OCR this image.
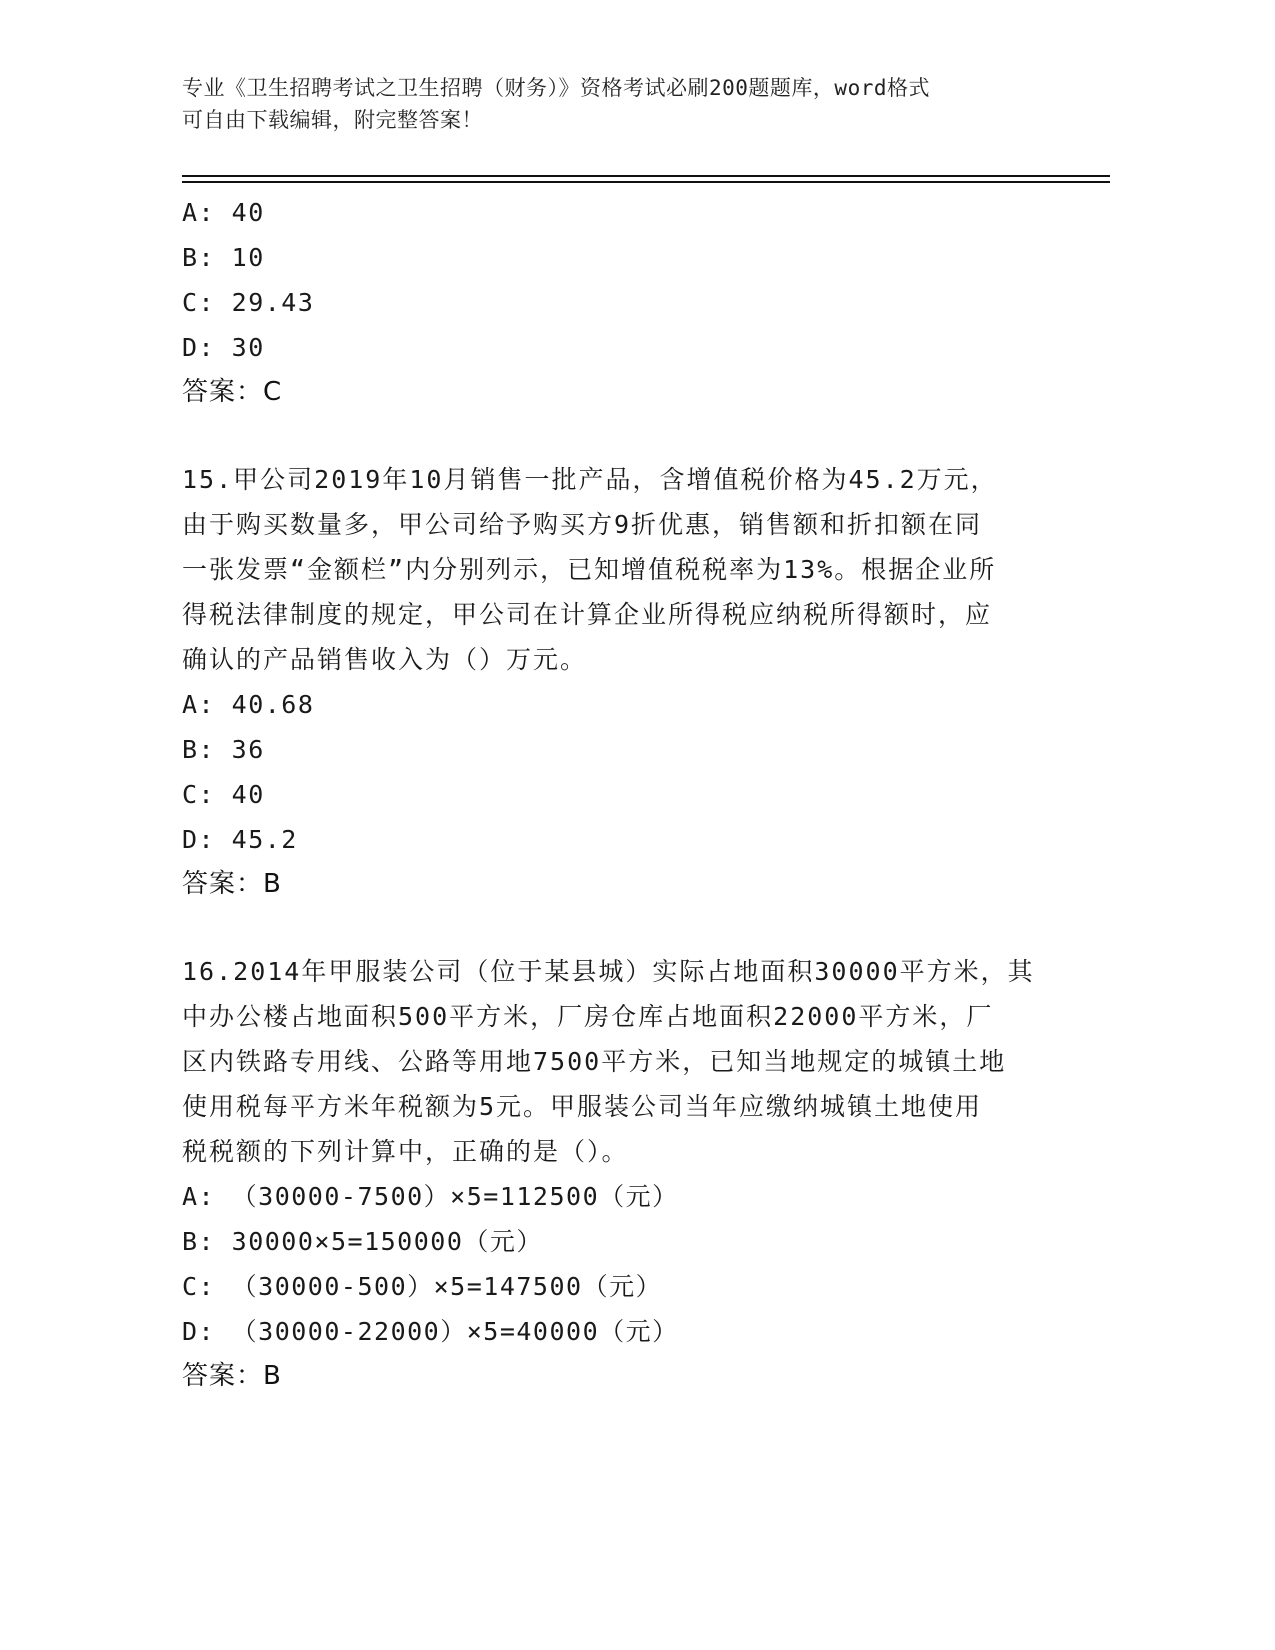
专业《卫生招聘考试之卫生招聘（财务）》资格考试必刷200题题库，word格式
可自由下载编辑，附完整答案！
A: 40
B: 10
C: 29.43
D: 30
答案：C
15.甲公司2019年10月销售一批产品，含增值税价格为45.2万元，
由于购买数量多，甲公司给予购买方9折优惠，销售额和折扣额在同
一张发票“金额栏”内分别列示，已知增值税税率为13%。根据企业所
得税法律制度的规定，甲公司在计算企业所得税应纳税所得额时，应
确认的产品销售收入为（）万元。
A: 40.68
B: 36
C: 40
D: 45.2
答案：B
16.2014年甲服装公司（位于某县城）实际占地面积30000平方米，其
中办公楼占地面积500平方米，厂房仓库占地面积22000平方米，厂
区内铁路专用线、公路等用地7500平方米，已知当地规定的城镇土地
使用税每平方米年税额为5元。甲服装公司当年应缴纳城镇土地使用
税税额的下列计算中，正确的是（）。
A: （30000-7500）×5=112500（元）
B: 30000×5=150000（元）
C: （30000-500）×5=147500（元）
D: （30000-22000）×5=40000（元）
答案：B
